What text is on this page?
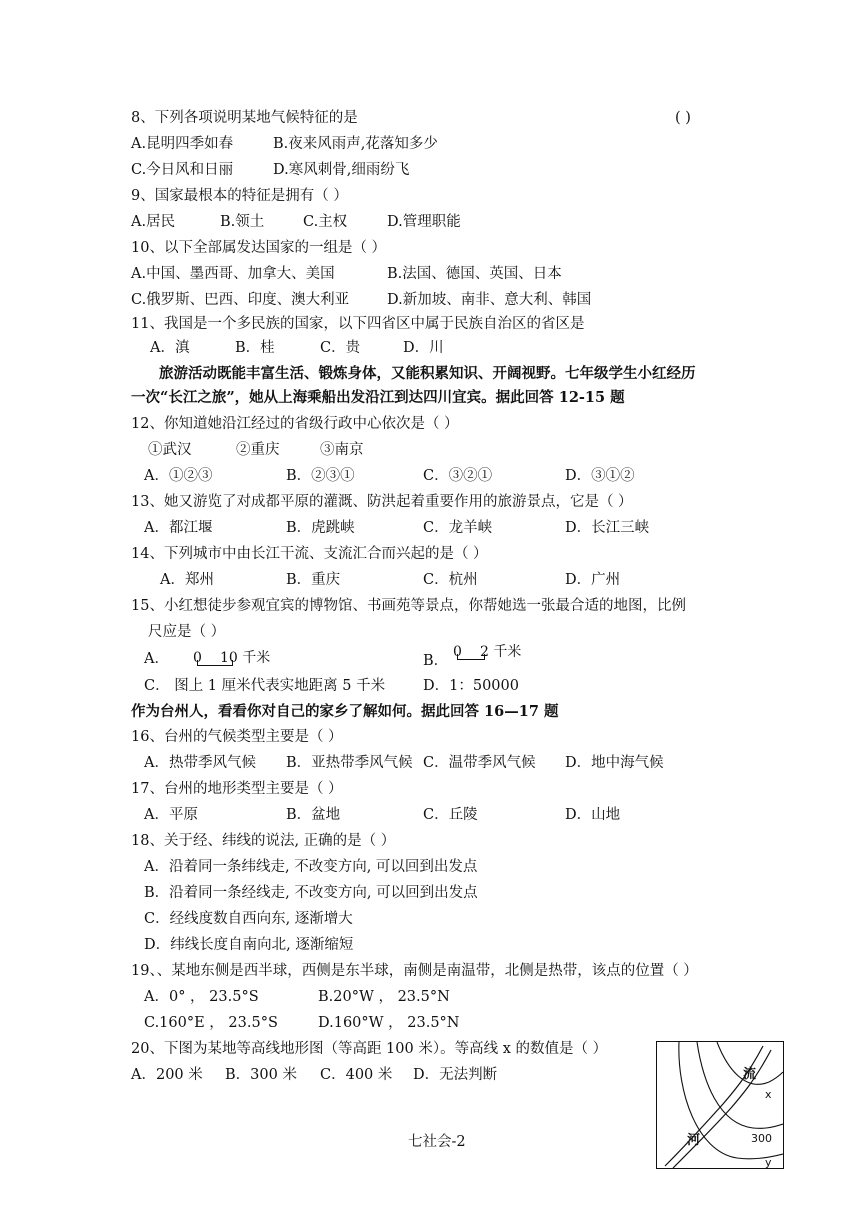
8、下列各项说明某地气候特征的是	( )
A.昆明四季如春	B.夜来风雨声,花落知多少
C.今日风和日丽	D.寒风刺骨,细雨纷飞
9、国家最根本的特征是拥有（ ）
A.居民	B.领土	C.主权	D.管理职能
10、以下全部属发达国家的一组是（ ）
A.中国、墨西哥、加拿大、美国	B.法国、德国、英国、日本
C.俄罗斯、巴西、印度、澳大利亚	D.新加坡、南非、意大利、韩国
11、我国是一个多民族的国家，以下四省区中属于民族自治区的省区是
A．滇	B．桂	C．贵	D．川
旅游活动既能丰富生活、锻炼身体，又能积累知识、开阔视野。七年级学生小红经历
一次“长江之旅”，她从上海乘船出发沿江到达四川宜宾。据此回答 12-15 题
12、你知道她沿江经过的省级行政中心依次是（ ）
①武汉	②重庆	③南京
A．①②③	B．②③①	C．③②①	D．③①②
13、她又游览了对成都平原的灌溉、防洪起着重要作用的旅游景点，它是（ ）
A．都江堰	B．虎跳峡	C．龙羊峡	D．长江三峡
14、下列城市中由长江干流、支流汇合而兴起的是（ ）
A．郑州	B．重庆	C．杭州	D．广州
15、小红想徒步参观宜宾的博物馆、书画苑等景点，你帮她选一张最合适的地图，比例
尺应是（ ）
A． 0 10 千米	B．
0 2 千米
C． 图上 1 厘米代表实地距离 5 千米	D．1：50000
作为台州人，看看你对自己的家乡了解如何。据此回答 16—17 题
16、台州的气候类型主要是（ ）
A．热带季风气候 B．亚热带季风气候 C．温带季风气候 D．地中海气候
17、台州的地形类型主要是（ ）
A．平原	B．盆地	C．丘陵	D．山地
18、关于经、纬线的说法, 正确的是（ ）
A．沿着同一条纬线走, 不改变方向, 可以回到出发点
B．沿着同一条经线走, 不改变方向, 可以回到出发点
C．经线度数自西向东, 逐渐增大
D．纬线长度自南向北, 逐渐缩短
19、、某地东侧是西半球，西侧是东半球，南侧是南温带，北侧是热带，该点的位置（ ）
A．0° ， 23.5°S	B.20°W ， 23.5°N
C.160°E ， 23.5°S	D.160°W ， 23.5°N
20、下图为某地等高线地形图（等高距 100 米）。等高线 x 的数值是（ ）
A．200 米 B．300 米 C．400 米 D．无法判断	流
河
x
300
y
七社会-2
